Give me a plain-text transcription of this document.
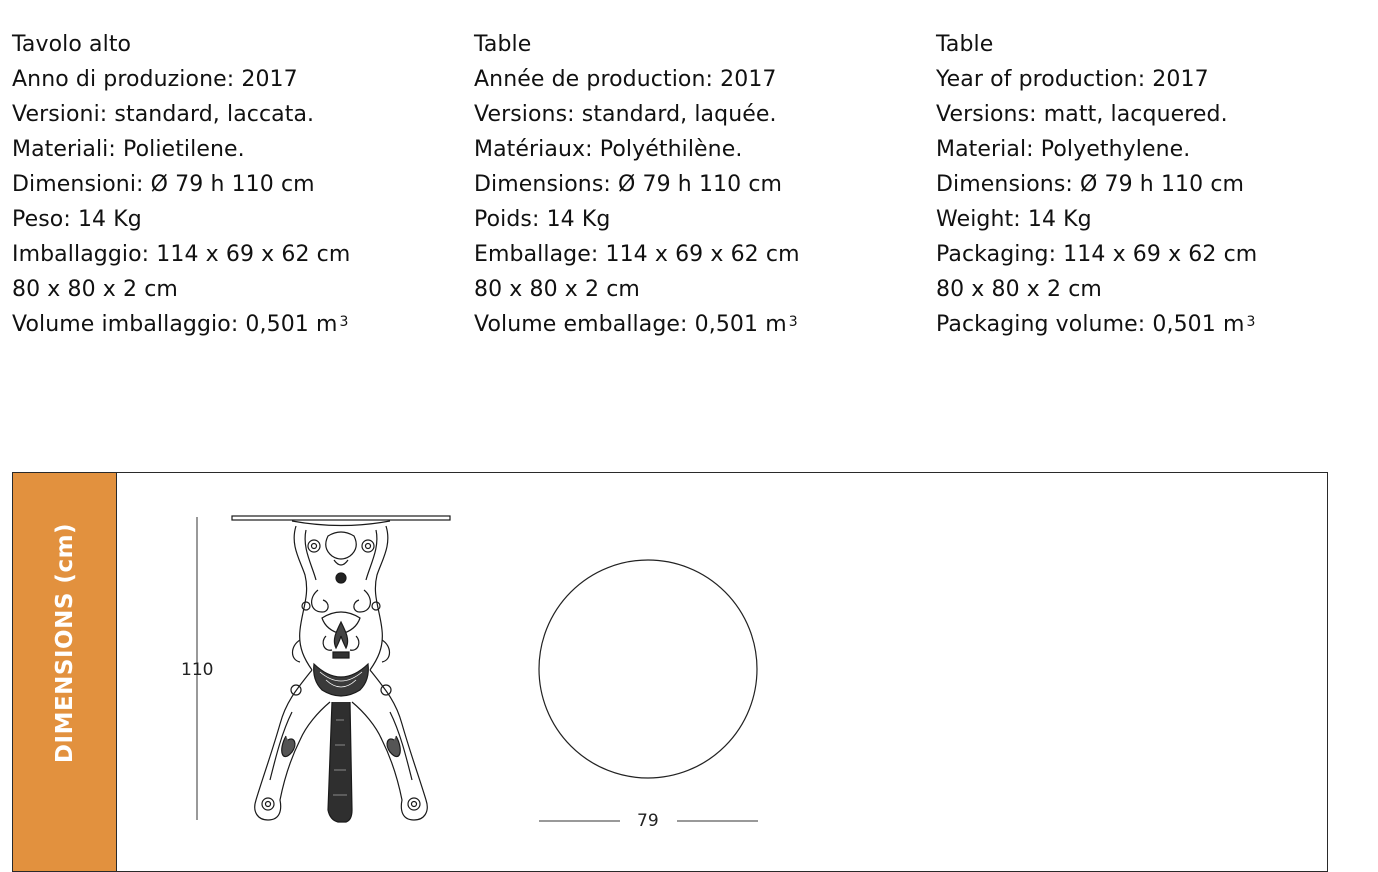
Tavolo alto
Anno di produzione: 2017
Versioni: standard, laccata.
Materiali: Polietilene.
Dimensioni: Ø 79 h 110 cm
Peso: 14 Kg
Imballaggio: 114 x 69 x 62 cm
80 x 80 x 2 cm
Volume imballaggio: 0,501 m $^3$
Table
Année de production: 2017
Versions: standard, laquée.
Matériaux: Polyéthilène.
Dimensions: Ø 79 h 110 cm
Poids: 14 Kg
Emballage: 114 x 69 x 62 cm
80 x 80 x 2 cm
Volume emballage: 0,501 m $^3$
Table
Year of production: 2017
Versions: matt, lacquered.
Material: Polyethylene.
Dimensions: Ø 79 h 110 cm
Weight: 14 Kg
Packaging: 114 x 69 x 62 cm
80 x 80 x 2 cm
Packaging volume: 0,501 m $^3$
DIMENSIONS (cm)	110
79
